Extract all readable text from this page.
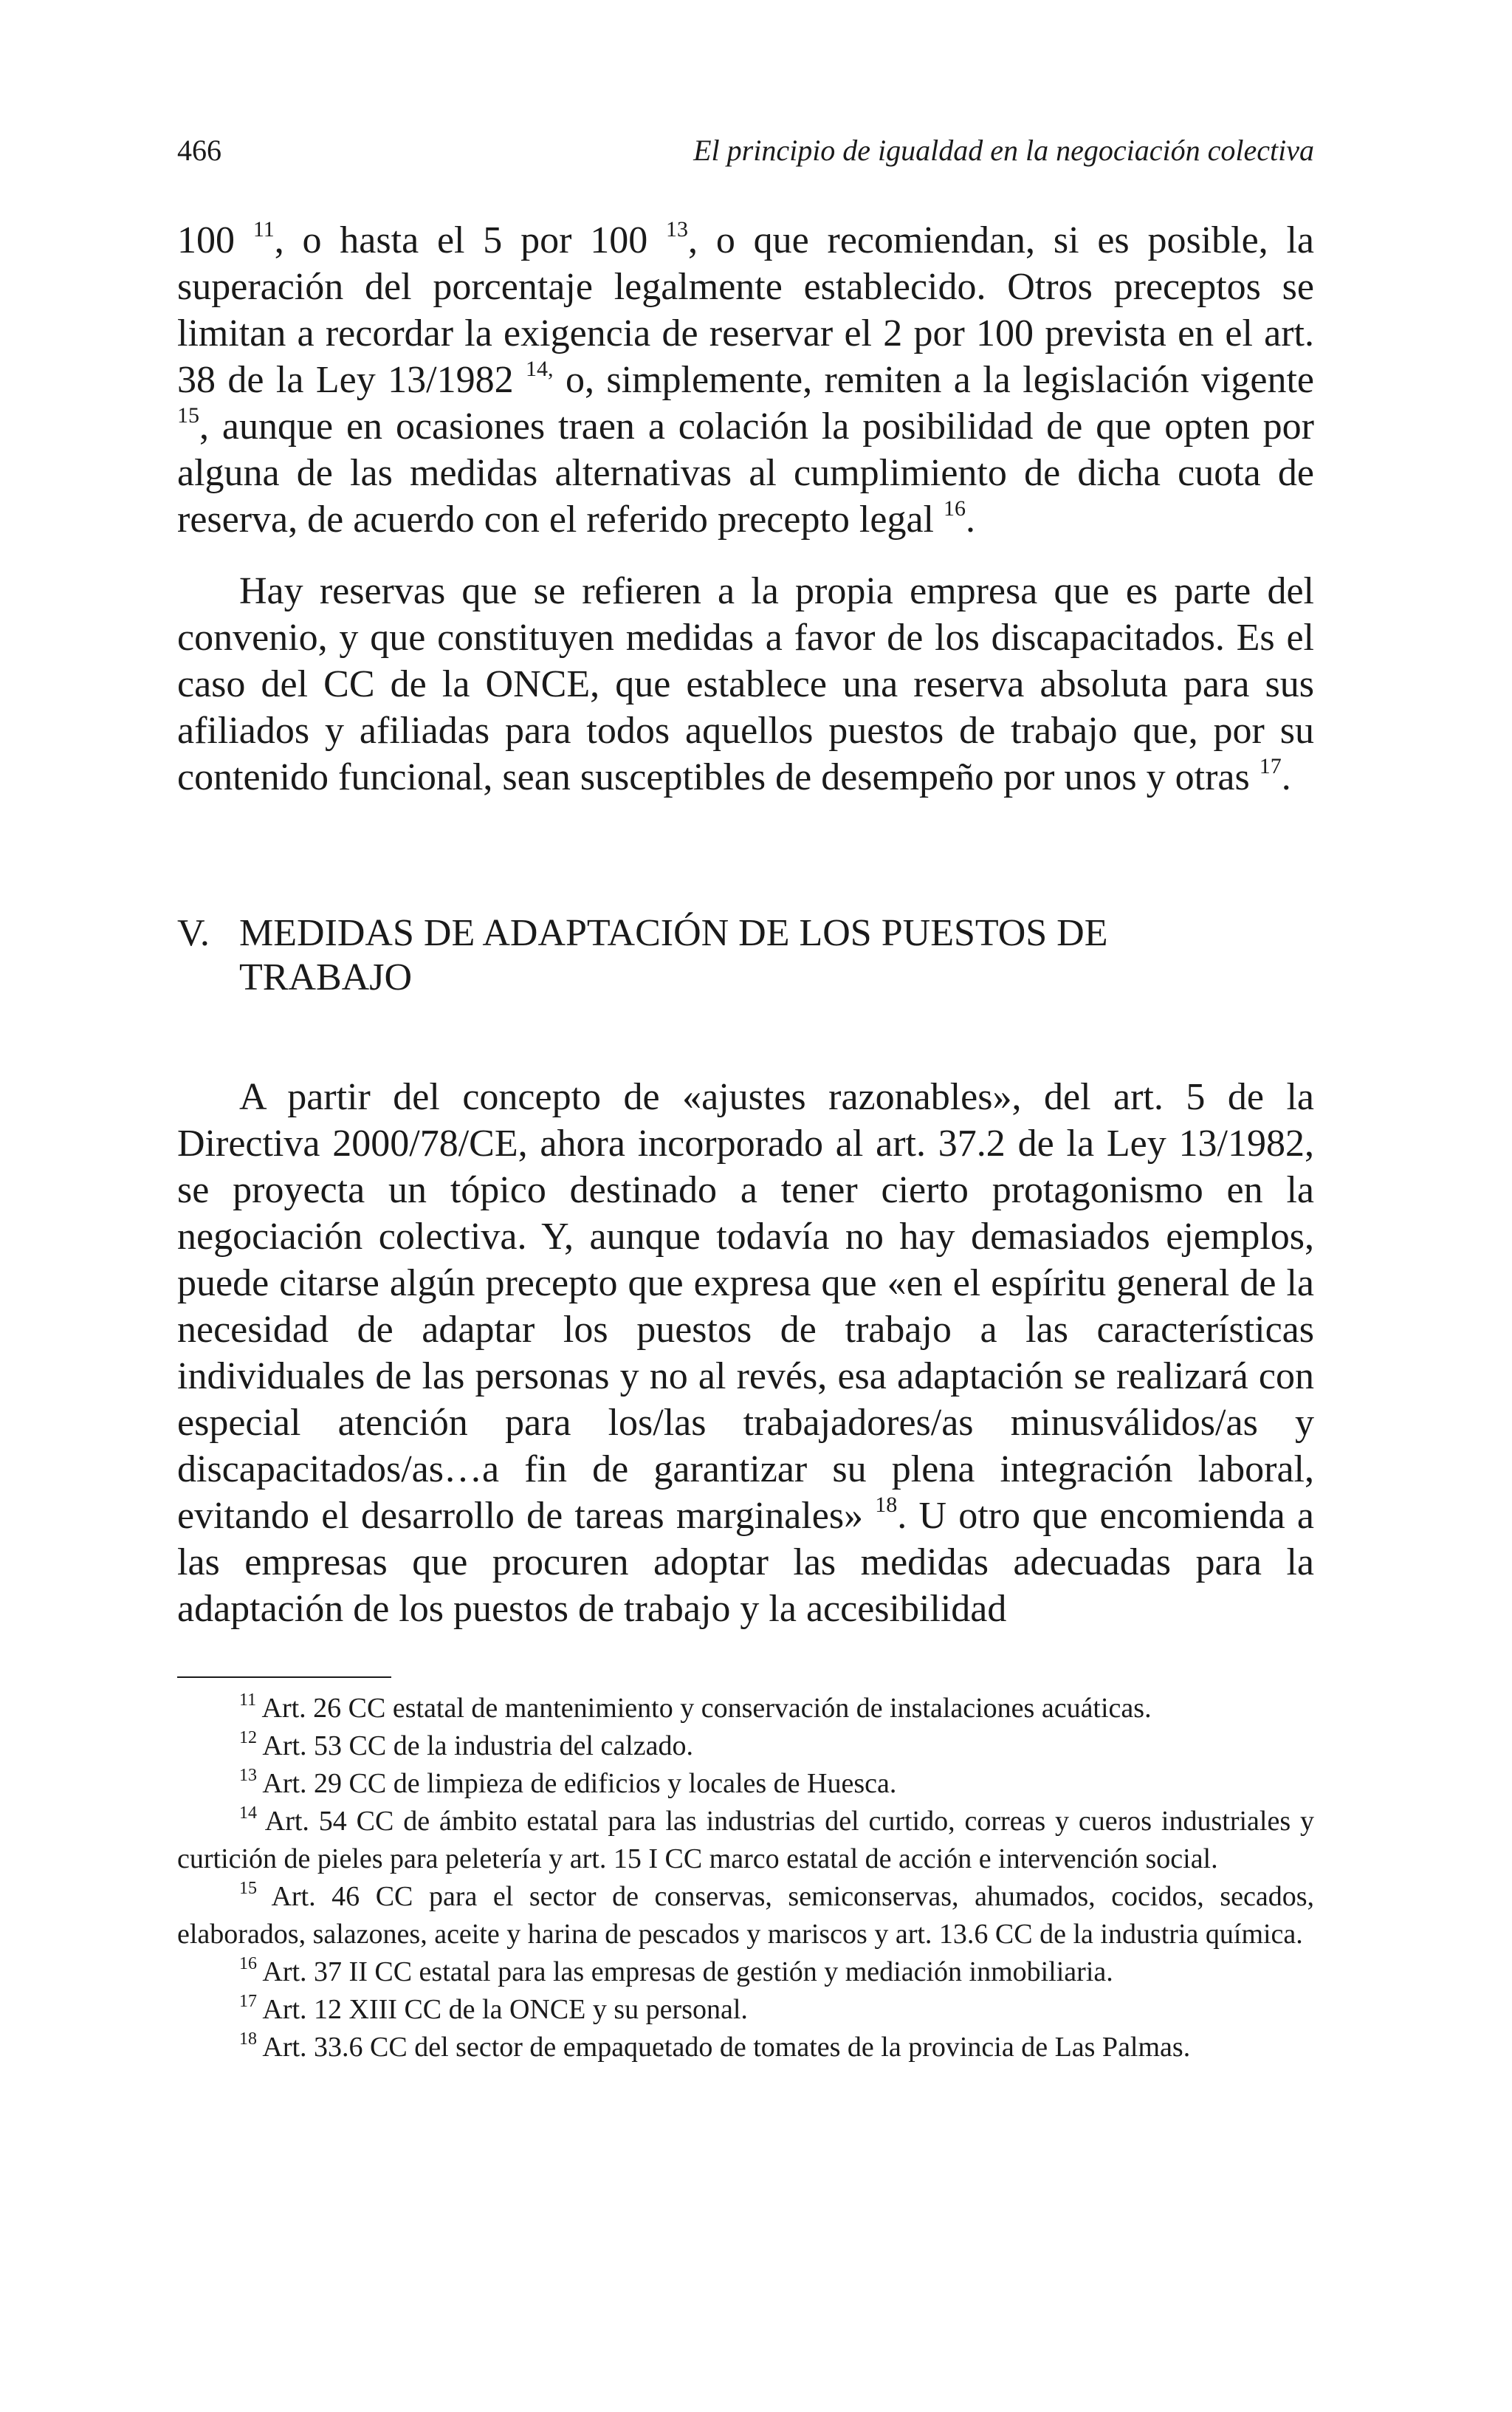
466	El principio de igualdad en la negociación colectiva

100 $^{11}$, o hasta el 5 por 100 $^{13}$, o que recomiendan, si es posible, la superación del porcentaje legalmente establecido. Otros preceptos se limitan a recordar la exigencia de reservar el 2 por 100 prevista en el art. 38 de la Ley 13/1982 $^{14,}$ o, simplemente, remiten a la legislación vigente $^{15}$, aunque en ocasiones traen a colación la posibilidad de que opten por alguna de las medidas alternativas al cumplimiento de dicha cuota de reserva, de acuerdo con el referido precepto legal $^{16}$.

Hay reservas que se refieren a la propia empresa que es parte del convenio, y que constituyen medidas a favor de los discapacitados. Es el caso del CC de la ONCE, que establece una reserva absoluta para sus afiliados y afiliadas para todos aquellos puestos de trabajo que, por su contenido funcional, sean susceptibles de desempeño por unos y otras $^{17}$.

V. MEDIDAS DE ADAPTACIÓN DE LOS PUESTOS DE TRABAJO

A partir del concepto de «ajustes razonables», del art. 5 de la Directiva 2000/78/CE, ahora incorporado al art. 37.2 de la Ley 13/1982, se proyecta un tópico destinado a tener cierto protagonismo en la negociación colectiva. Y, aunque todavía no hay demasiados ejemplos, puede citarse algún precepto que expresa que «en el espíritu general de la necesidad de adaptar los puestos de trabajo a las características individuales de las personas y no al revés, esa adaptación se realizará con especial atención para los/las trabajadores/as minusválidos/as y discapacitados/as…a fin de garantizar su plena integración laboral, evitando el desarrollo de tareas marginales» $^{18}$. U otro que encomienda a las empresas que procuren adoptar las medidas adecuadas para la adaptación de los puestos de trabajo y la accesibilidad

$^{11}$ Art. 26 CC estatal de mantenimiento y conservación de instalaciones acuáticas.

$^{12}$ Art. 53 CC de la industria del calzado.

$^{13}$ Art. 29 CC de limpieza de edificios y locales de Huesca.

$^{14}$ Art. 54 CC de ámbito estatal para las industrias del curtido, correas y cueros industriales y curtición de pieles para peletería y art. 15 I CC marco estatal de acción e intervención social.

$^{15}$ Art. 46 CC para el sector de conservas, semiconservas, ahumados, cocidos, secados, elaborados, salazones, aceite y harina de pescados y mariscos y art. 13.6 CC de la industria química.

$^{16}$ Art. 37 II CC estatal para las empresas de gestión y mediación inmobiliaria.

$^{17}$ Art. 12 XIII CC de la ONCE y su personal.

$^{18}$ Art. 33.6 CC del sector de empaquetado de tomates de la provincia de Las Palmas.
